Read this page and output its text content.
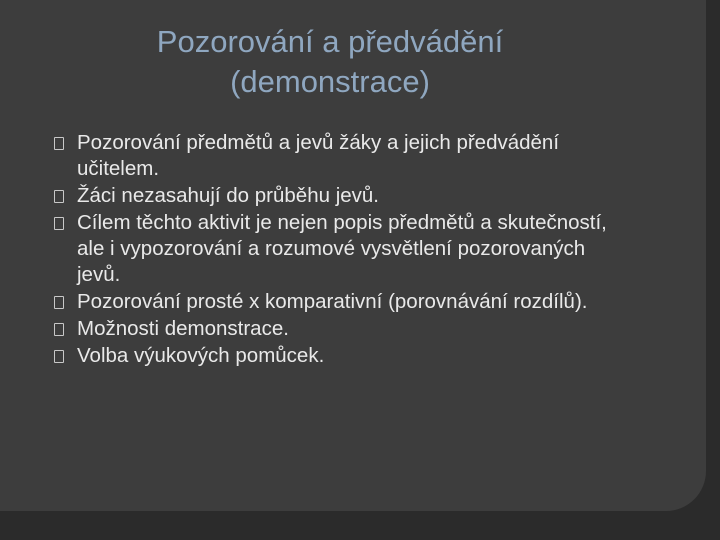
Pozorování a předvádění
(demonstrace)
Pozorování předmětů a jevů žáky a jejich předvádění učitelem.
Žáci nezasahují do průběhu jevů.
Cílem těchto aktivit je nejen popis předmětů a skutečností, ale i vypozorování a rozumové vysvětlení pozorovaných jevů.
Pozorování prosté x komparativní (porovnávání rozdílů).
Možnosti demonstrace.
Volba výukových pomůcek.
